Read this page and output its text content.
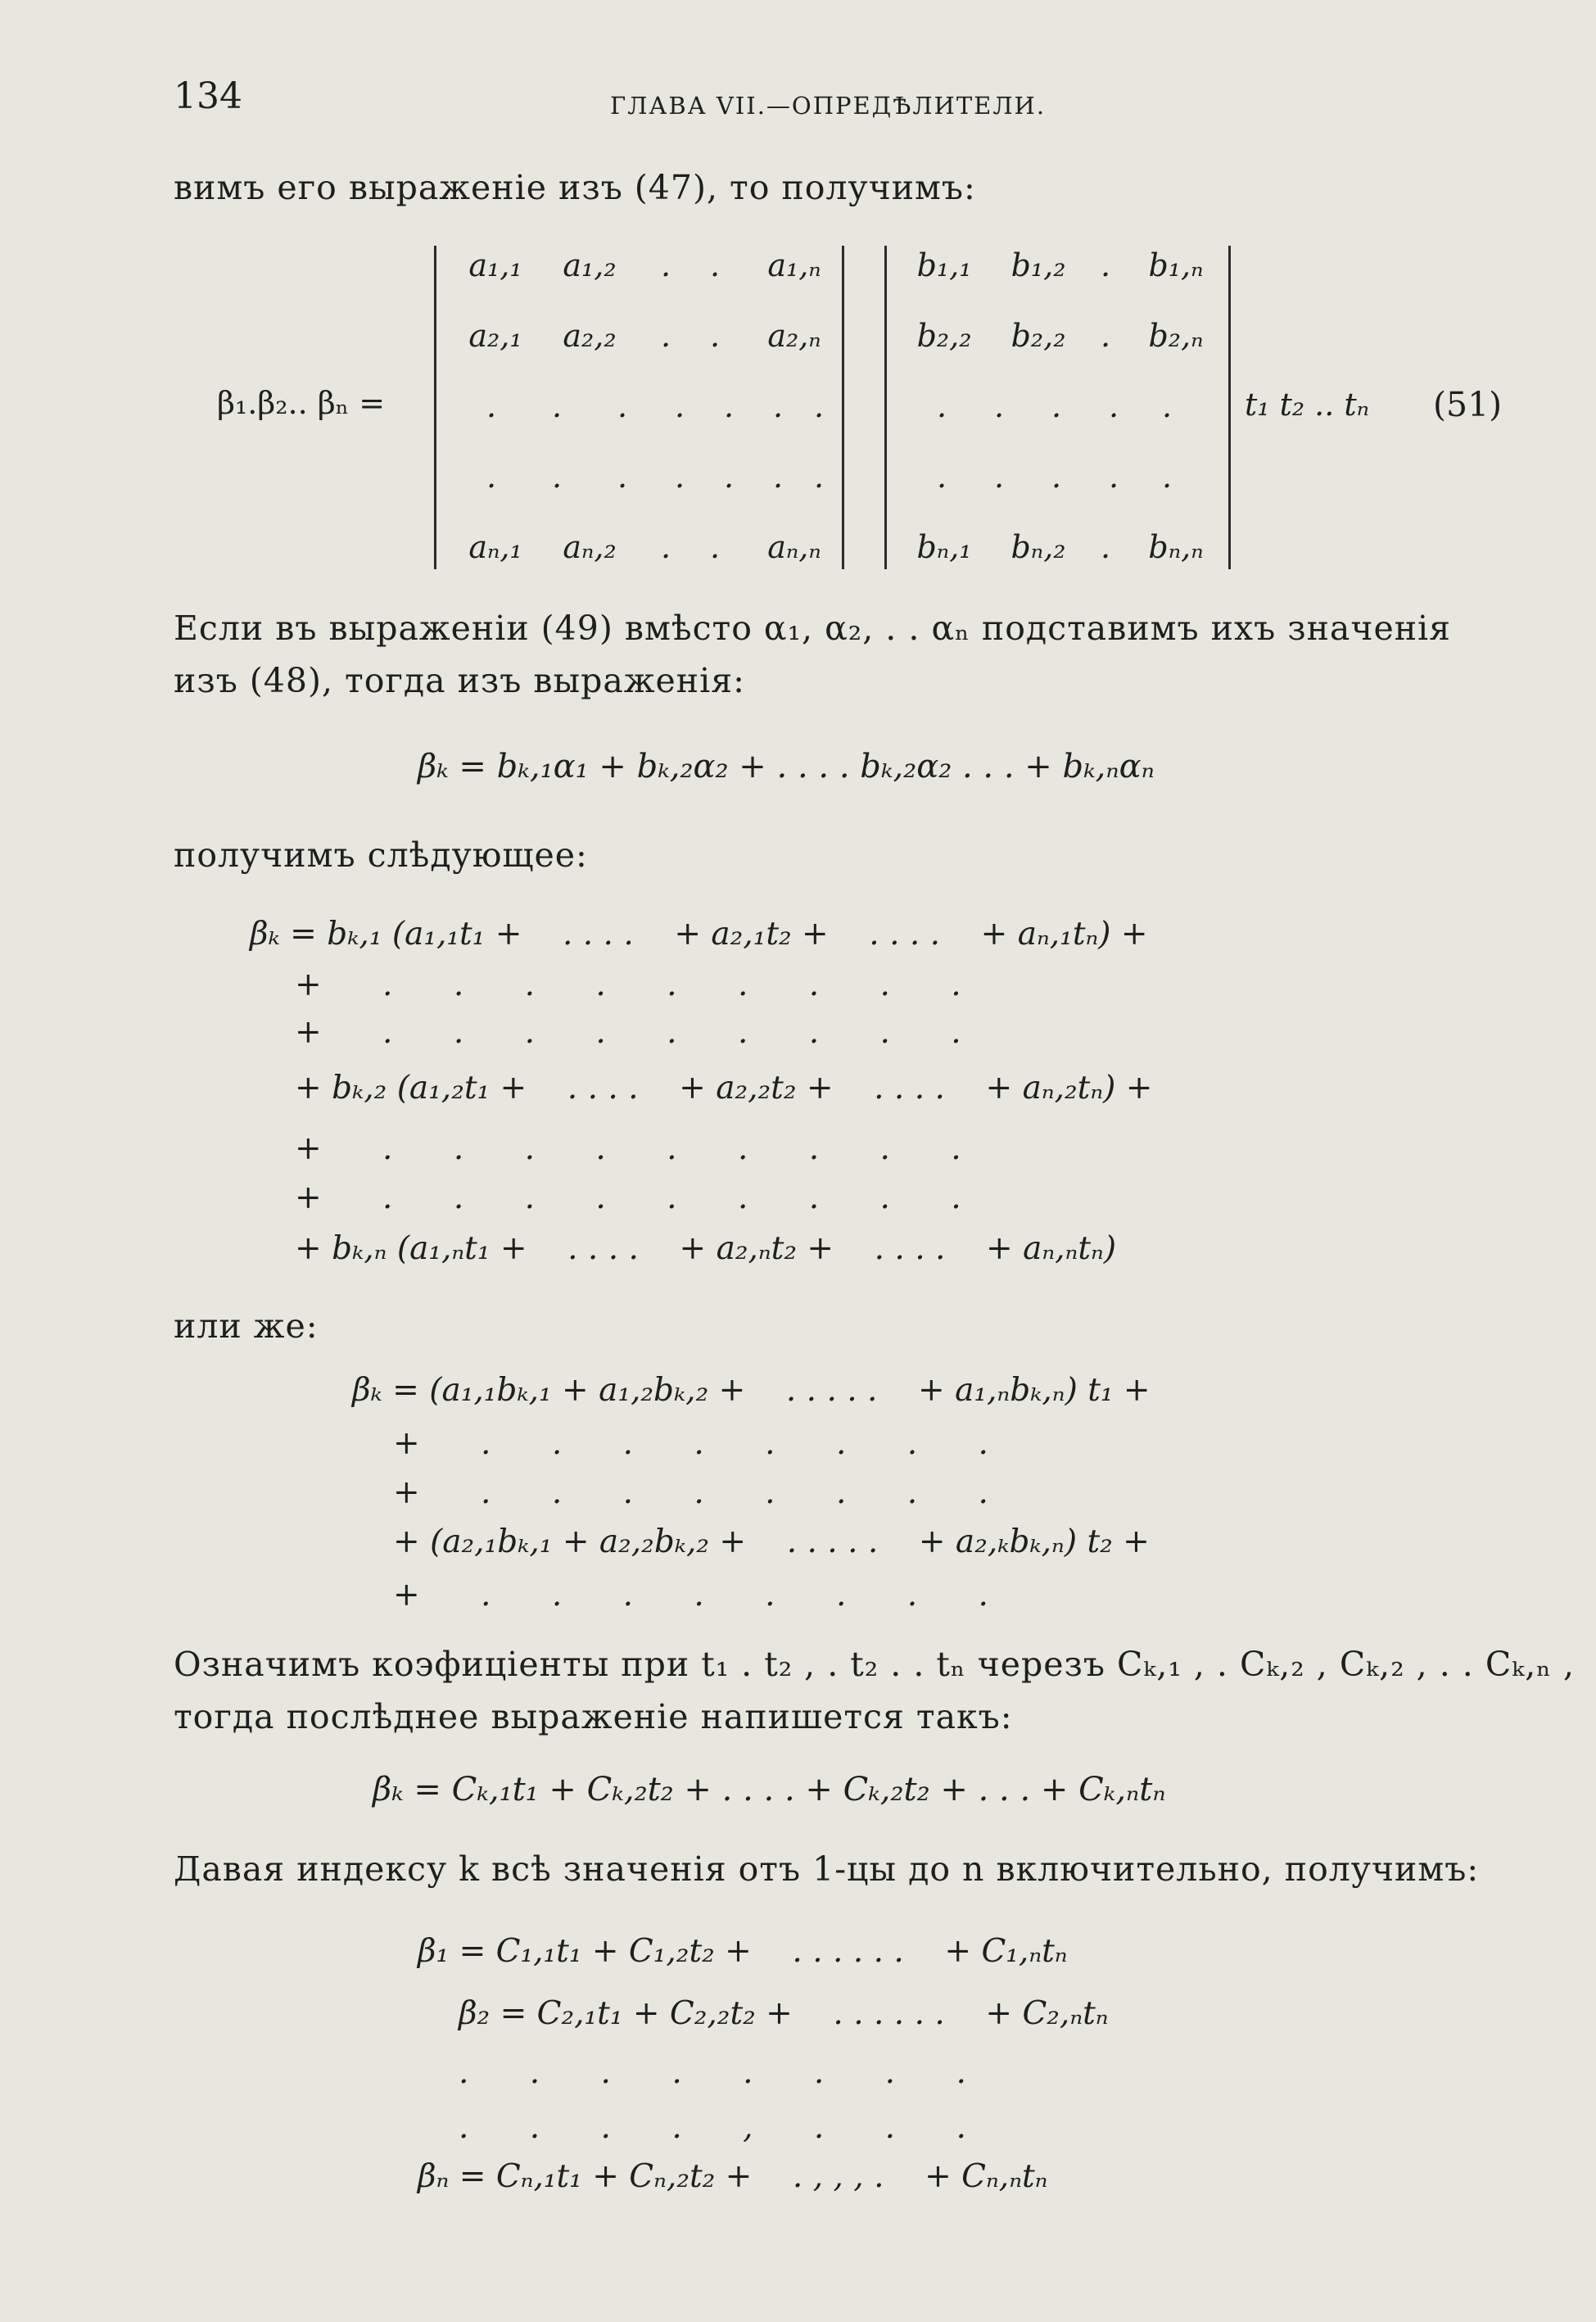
134	ГЛАВА VII.—ОПРЕДѢЛИТЕЛИ.
вимъ его выраженіе изъ (47), то получимъ:
β₁.β₂.. βₙ =
a₁,₁ a₁,₂ . . a₁,ₙ
a₂,₁ a₂,₂ . . a₂,ₙ
. . . . . . .
. . . . . . .
aₙ,₁ aₙ,₂ . . aₙ,ₙ
b₁,₁ b₁,₂ . b₁,ₙ
b₂,₂ b₂,₂ . b₂,ₙ
. . . . .
. . . . .
bₙ,₁ bₙ,₂ . bₙ,ₙ
t₁ t₂ .. tₙ (51)
Если въ выраженіи (49) вмѣсто α₁, α₂, . . αₙ подставимъ ихъ значенія
изъ (48), тогда изъ выраженія:
βₖ = bₖ,₁α₁ + bₖ,₂α₂ + . . . . bₖ,₂α₂ . . . + bₖ,ₙαₙ
получимъ слѣдующее:
βₖ = bₖ,₁ (a₁,₁t₁ +    . . . .    + a₂,₁t₂ +    . . . .    + aₙ,₁tₙ) +
+      .      .      .      .      .      .      .      .      .
+      .      .      .      .      .      .      .      .      .
+ bₖ,₂ (a₁,₂t₁ +    . . . .    + a₂,₂t₂ +    . . . .    + aₙ,₂tₙ) +
+      .      .      .      .      .      .      .      .      .
+      .      .      .      .      .      .      .      .      .
+ bₖ,ₙ (a₁,ₙt₁ +    . . . .    + a₂,ₙt₂ +    . . . .    + aₙ,ₙtₙ)
или же:
βₖ = (a₁,₁bₖ,₁ + a₁,₂bₖ,₂ +    . . . . .    + a₁,ₙbₖ,ₙ) t₁ +
+      .      .      .      .      .      .      .      .
+      .      .      .      .      .      .      .      .
+ (a₂,₁bₖ,₁ + a₂,₂bₖ,₂ +    . . . . .    + a₂,ₖbₖ,ₙ) t₂ +
+      .      .      .      .      .      .      .      .
Означимъ коэфиціенты при t₁ . t₂ , . t₂ . . tₙ черезъ Cₖ,₁ , . Cₖ,₂ , Cₖ,₂ , . . Cₖ,ₙ ,
тогда послѣднее выраженіе напишется такъ:
βₖ = Cₖ,₁t₁ + Cₖ,₂t₂ + . . . . + Cₖ,₂t₂ + . . . + Cₖ,ₙtₙ
Давая индексу k всѣ значенія отъ 1-цы до n включительно, получимъ:
β₁ = C₁,₁t₁ + C₁,₂t₂ +    . . . . . .    + C₁,ₙtₙ
β₂ = C₂,₁t₁ + C₂,₂t₂ +    . . . . . .    + C₂,ₙtₙ
.      .      .      .      .      .      .      .
.      .      .      .      ,      .      .      .
βₙ = Cₙ,₁t₁ + Cₙ,₂t₂ +    . , , , .    + Cₙ,ₙtₙ
